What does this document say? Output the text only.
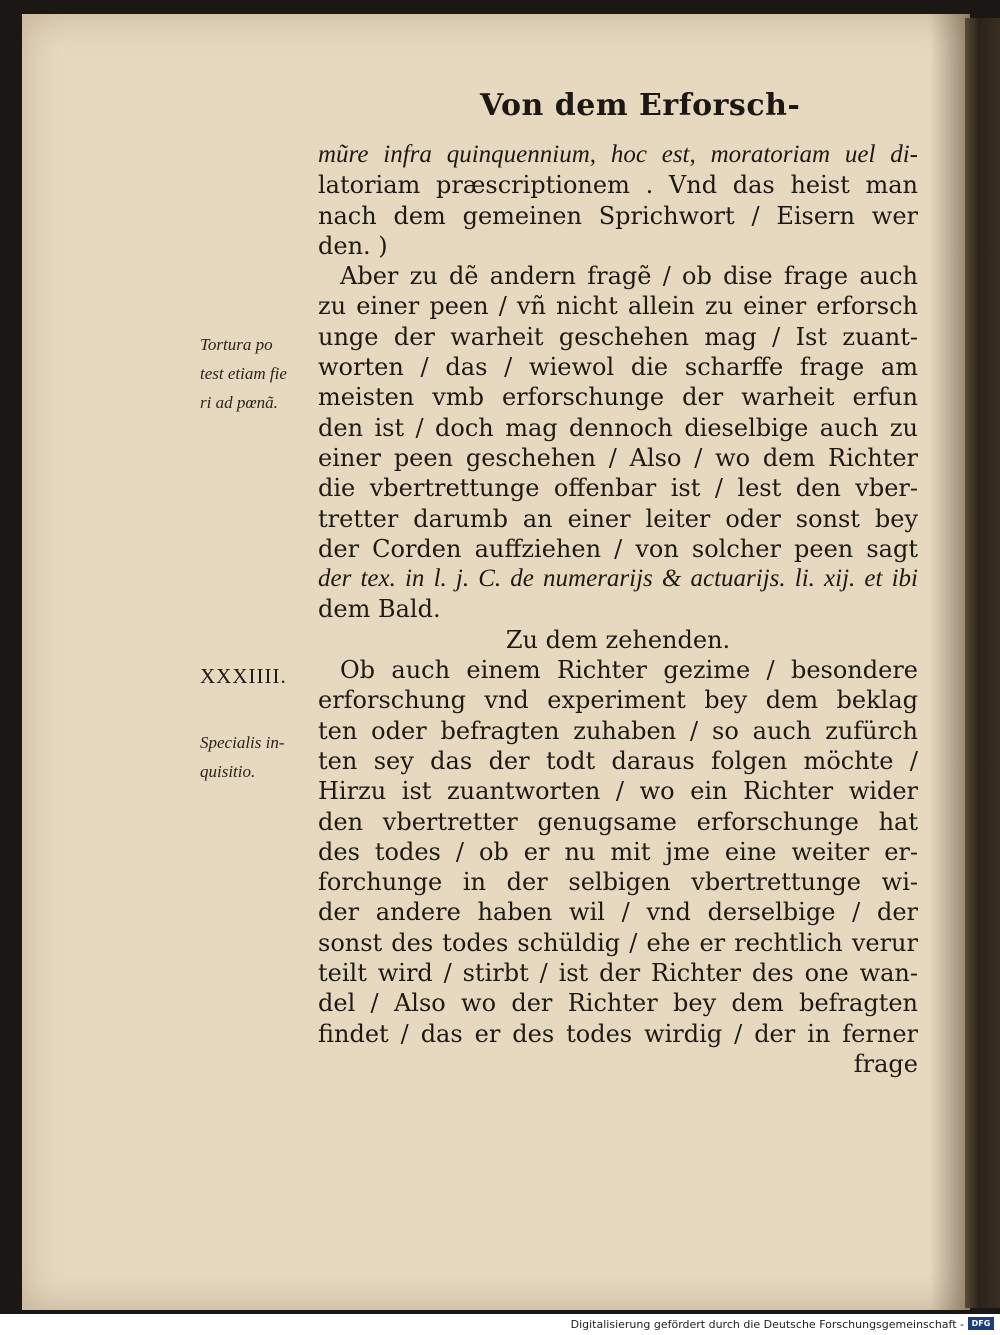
Von dem Erforsch-
mũre infra quinquennium, hoc est, moratoriam uel di-
latoriam præscriptionem . Vnd das heist man
nach dem gemeinen Sprichwort / Eisern wer
den. )
Aber zu dẽ andern fragẽ / ob dise frage auch
zu einer peen / vñ nicht allein zu einer erforsch
unge der warheit geschehen mag / Ist zuant-
worten / das / wiewol die scharffe frage am
meisten vmb erforschunge der warheit erfun
den ist / doch mag dennoch dieselbige auch zu
einer peen geschehen / Also / wo dem Richter
die vbertrettunge offenbar ist / lest den vber-
tretter darumb an einer leiter oder sonst bey
der Corden auffziehen / von solcher peen sagt
der tex. in l. j. C. de numerarijs & actuarijs. li. xij. et ibi
dem Bald.
Zu dem zehenden.
Ob auch einem Richter gezime / besondere
erforschung vnd experiment bey dem beklag
ten oder befragten zuhaben / so auch zufürch
ten sey das der todt daraus folgen möchte /
Hirzu ist zuantworten / wo ein Richter wider
den vbertretter genugsame erforschunge hat
des todes / ob er nu mit jme eine weiter er-
forchunge in der selbigen vbertrettunge wi-
der andere haben wil / vnd derselbige / der
sonst des todes schüldig / ehe er rechtlich verur
teilt wird / stirbt / ist der Richter des one wan-
del / Also wo der Richter bey dem befragten
findet / das er des todes wirdig / der in ferner
frage
Tortura po
test etiam fie
ri ad pœnã.
XXXIIII.
Specialis in-
quisitio.
Digitalisierung gefördert durch die Deutsche Forschungsgemeinschaft - DFG
